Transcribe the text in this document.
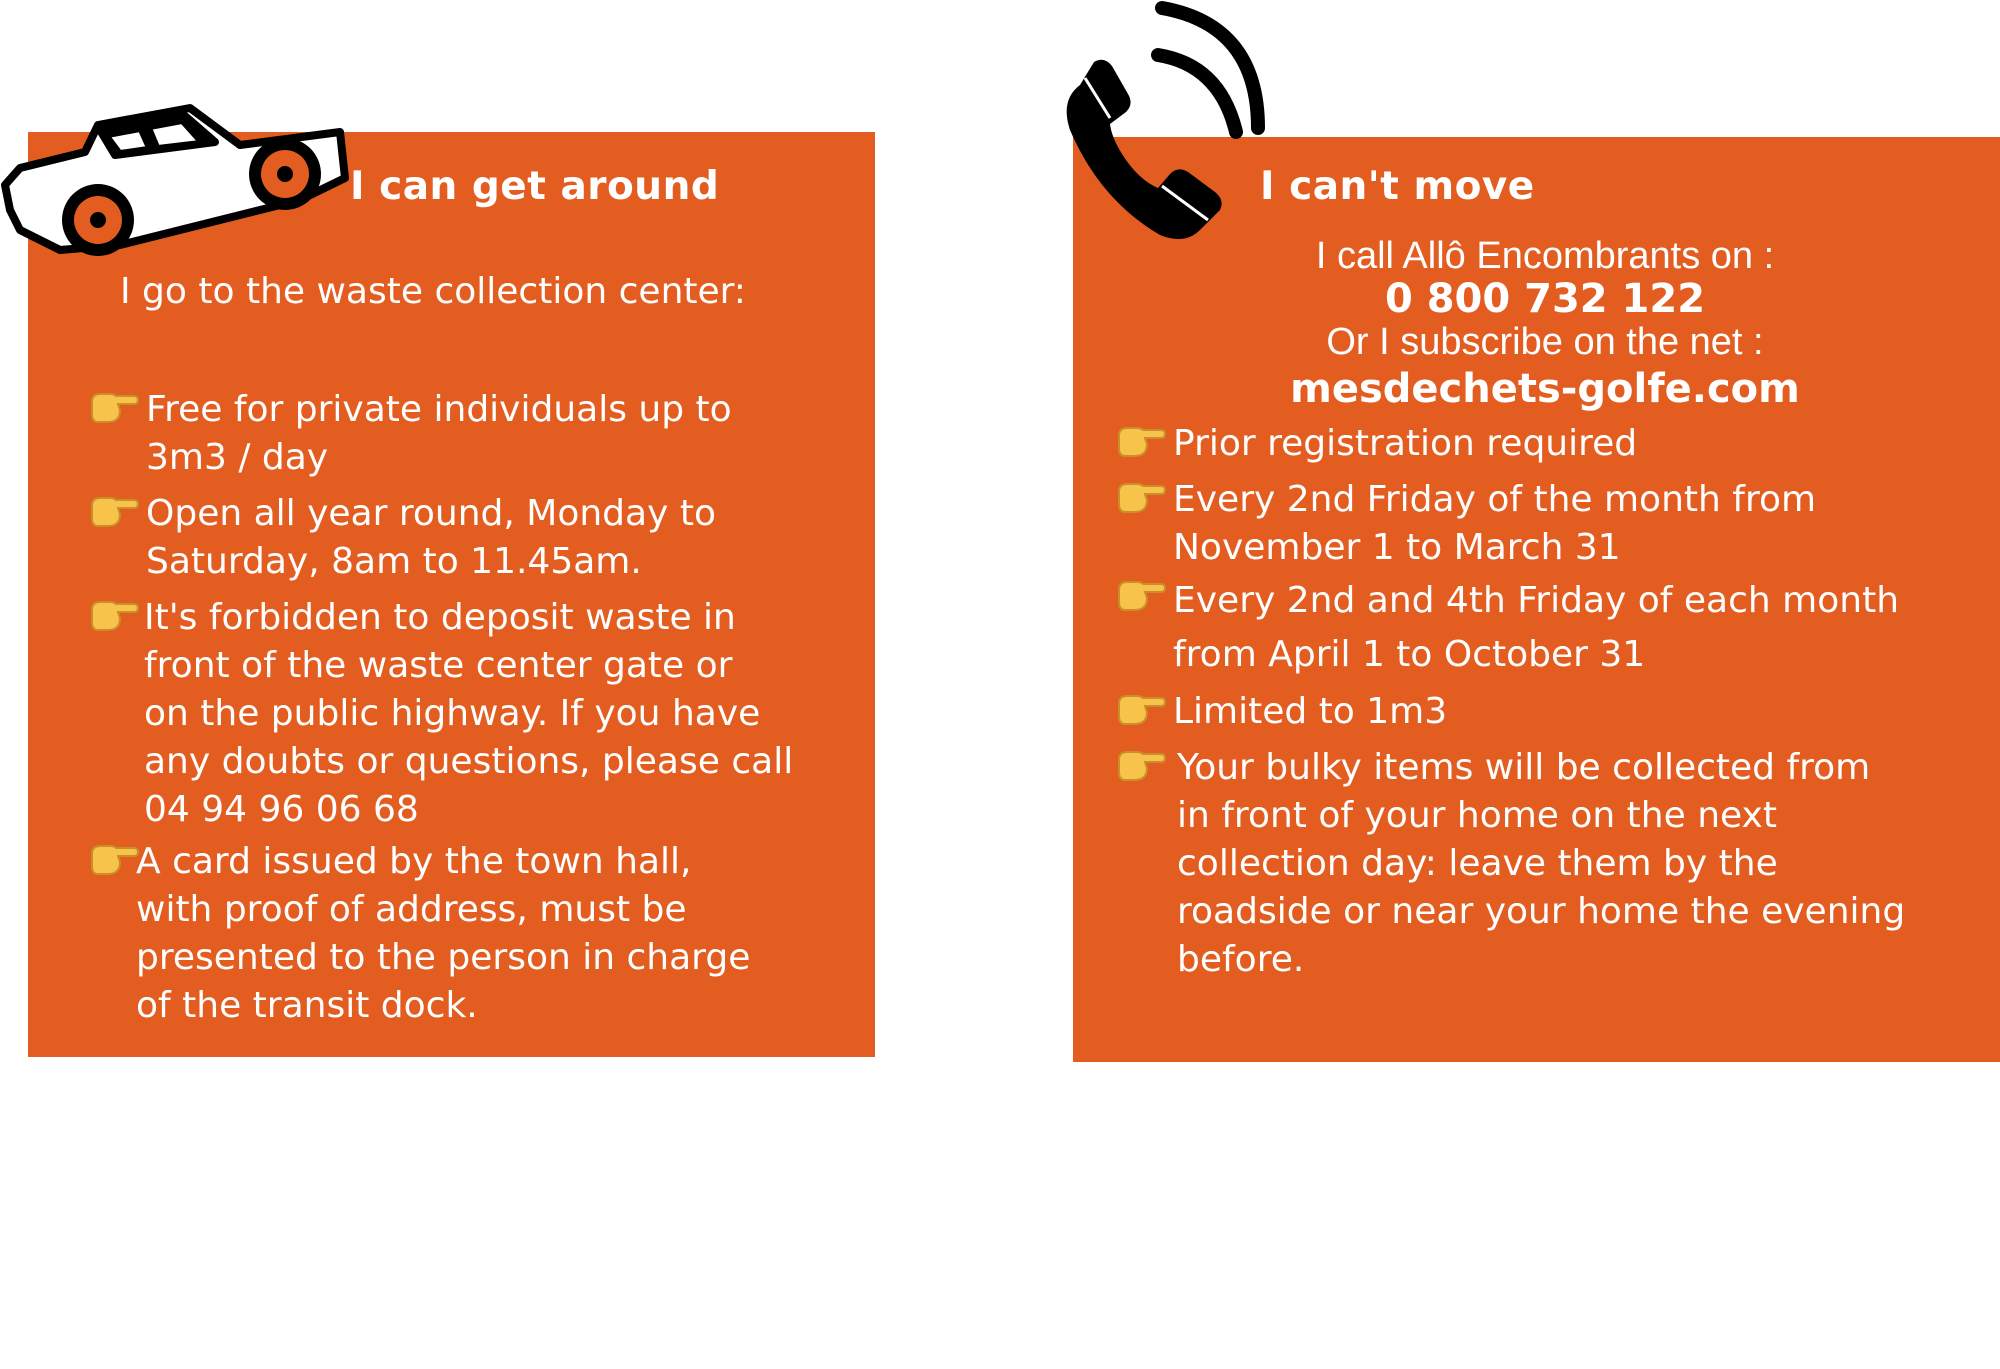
I can get around
I go to the waste collection center:
Free for private individuals up to
3m3 / day
Open all year round, Monday to
Saturday, 8am to 11.45am.
It's forbidden to deposit waste in
front of the waste center gate or
on the public highway. If you have
any doubts or questions, please call
04 94 96 06 68
A card issued by the town hall,
with proof of address, must be
presented to the person in charge
of the transit dock.
I can't move
I call Allô Encombrants on :
0 800 732 122
Or I subscribe on the net :
mesdechets-golfe.com
Prior registration required
Every 2nd Friday of the month from
November 1 to March 31
Every 2nd and 4th Friday of each month
from April 1 to October 31
Limited to 1m3
Your bulky items will be collected from
in front of your home on the next
collection day: leave them by the
roadside or near your home the evening
before.
